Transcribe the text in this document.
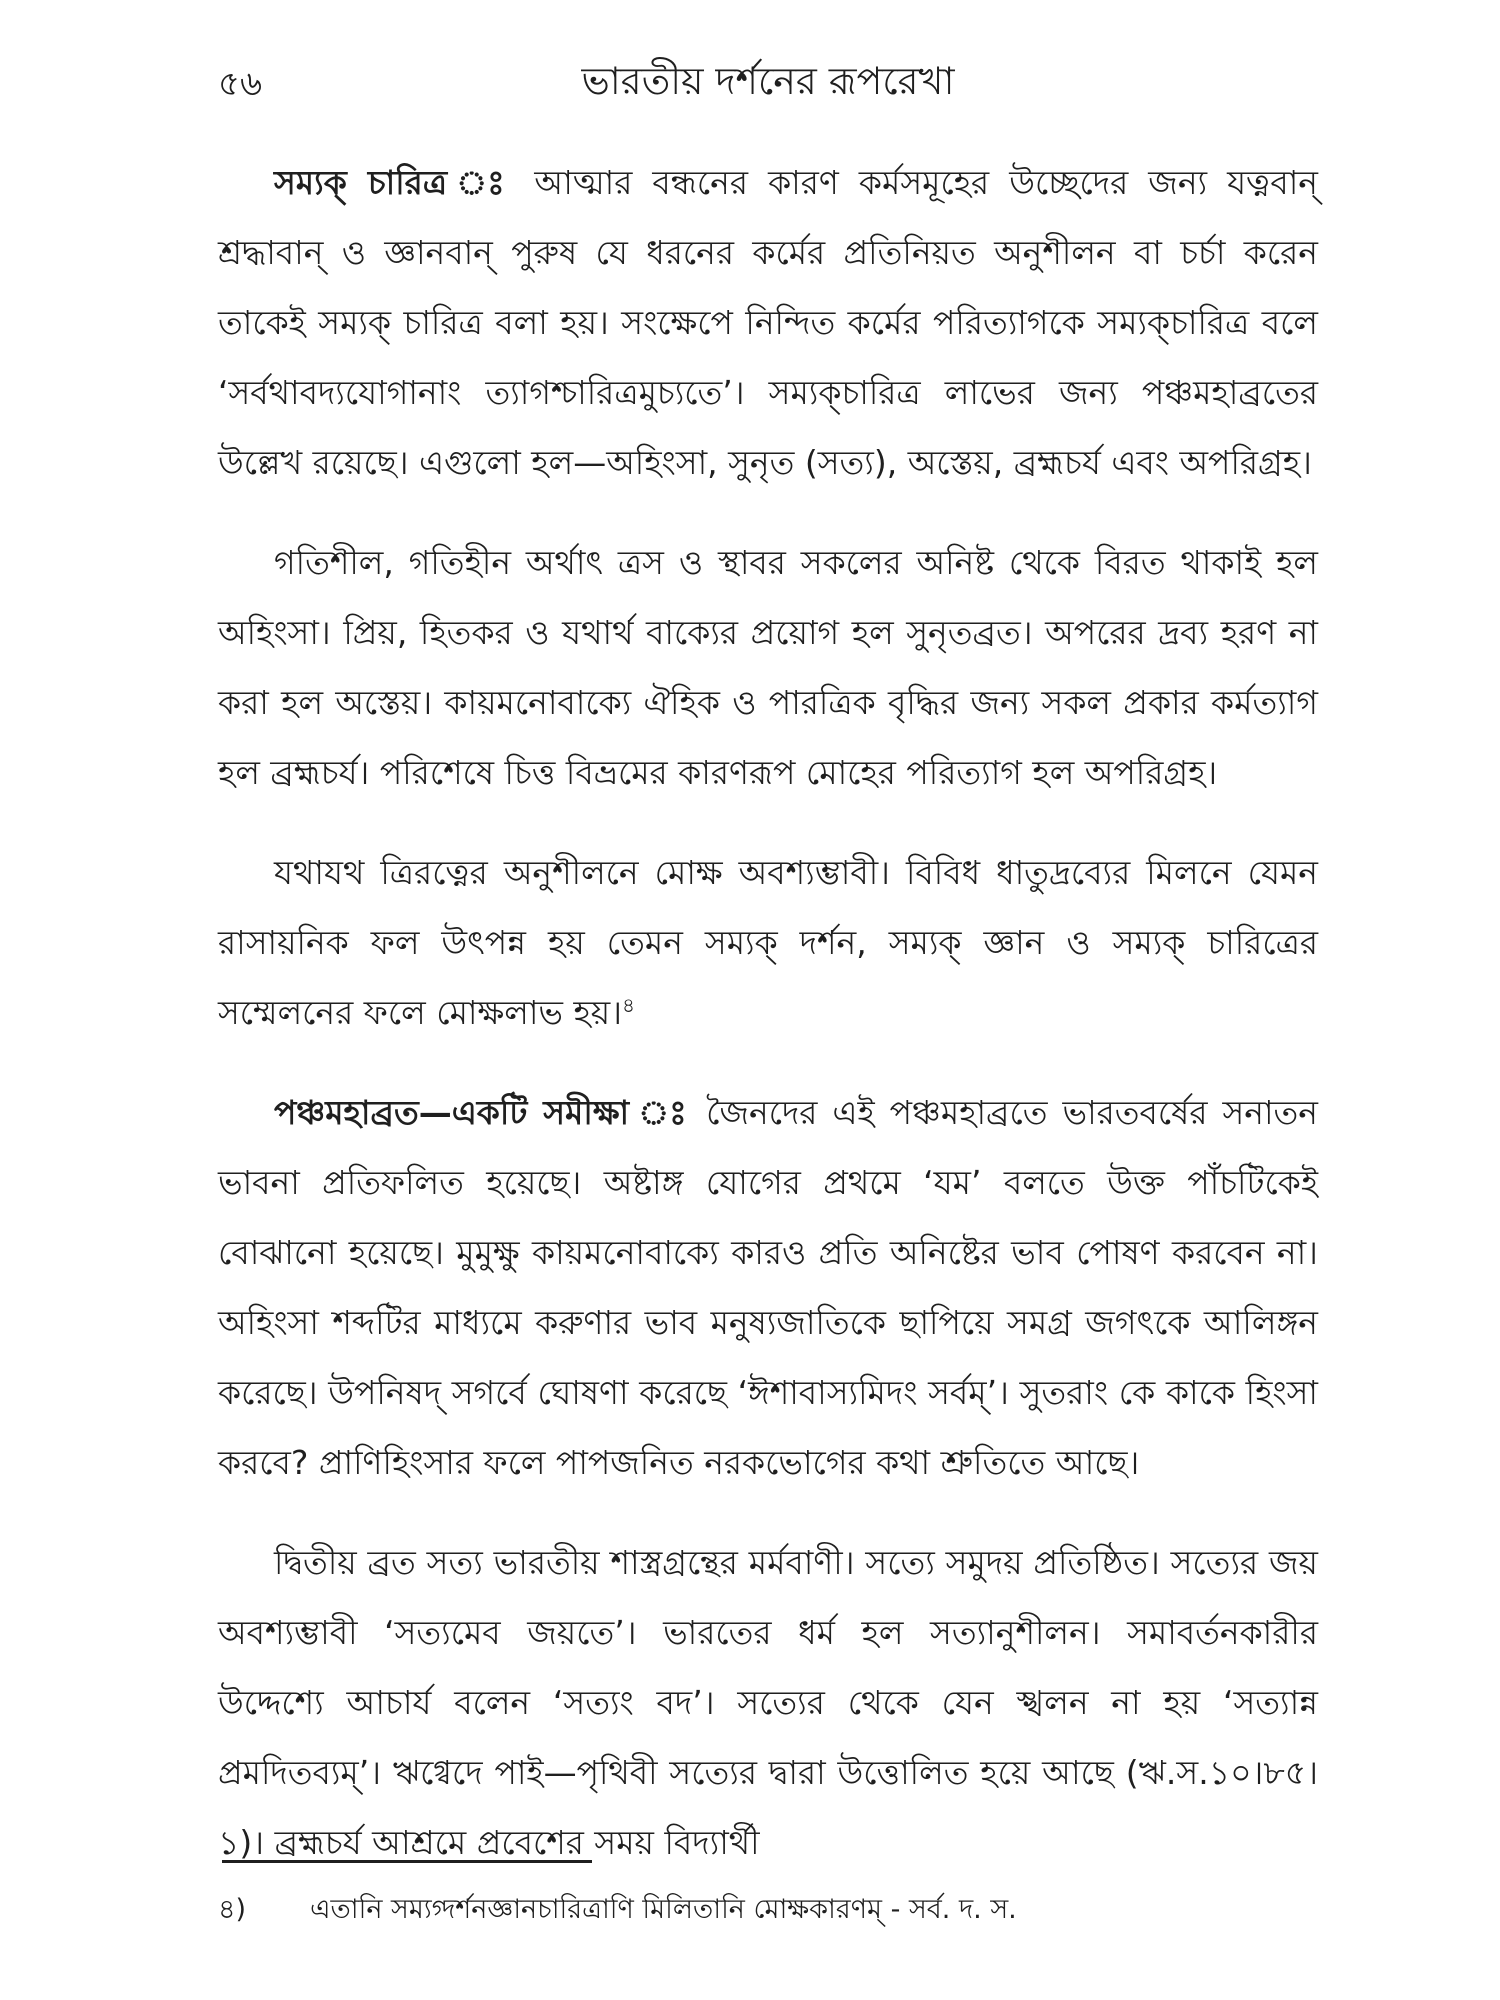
৫৬	ভারতীয় দর্শনের রূপরেখা

সম্যক্ চারিত্র ঃ আত্মার বন্ধনের কারণ কর্মসমূহের উচ্ছেদের জন্য যত্নবান্ শ্রদ্ধাবান্ ও জ্ঞানবান্ পুরুষ যে ধরনের কর্মের প্রতিনিয়ত অনুশীলন বা চর্চা করেন তাকেই সম্যক্ চারিত্র বলা হয়। সংক্ষেপে নিন্দিত কর্মের পরিত্যাগকে সম্যক্চারিত্র বলে ‘সর্বথাবদ্যযোগানাং ত্যাগশ্চারিত্রমুচ্যতে’। সম্যক্চারিত্র লাভের জন্য পঞ্চমহাব্রতের উল্লেখ রয়েছে। এগুলো হল—অহিংসা, সুনৃত (সত্য), অস্তেয়, ব্রহ্মচর্য এবং অপরিগ্রহ।

গতিশীল, গতিহীন অর্থাৎ ত্রস ও স্থাবর সকলের অনিষ্ট থেকে বিরত থাকাই হল অহিংসা। প্রিয়, হিতকর ও যথার্থ বাক্যের প্রয়োগ হল সুনৃতব্রত। অপরের দ্রব্য হরণ না করা হল অস্তেয়। কায়মনোবাক্যে ঐহিক ও পারত্রিক বৃদ্ধির জন্য সকল প্রকার কর্মত্যাগ হল ব্রহ্মচর্য। পরিশেষে চিত্ত বিভ্রমের কারণরূপ মোহের পরিত্যাগ হল অপরিগ্রহ।

যথাযথ ত্রিরত্নের অনুশীলনে মোক্ষ অবশ্যম্ভাবী। বিবিধ ধাতুদ্রব্যের মিলনে যেমন রাসায়নিক ফল উৎপন্ন হয় তেমন সম্যক্ দর্শন, সম্যক্ জ্ঞান ও সম্যক্ চারিত্রের সম্মেলনের ফলে মোক্ষলাভ হয়।$^৪$

পঞ্চমহাব্রত—একটি সমীক্ষা ঃ জৈনদের এই পঞ্চমহাব্রতে ভারতবর্ষের সনাতন ভাবনা প্রতিফলিত হয়েছে। অষ্টাঙ্গ যোগের প্রথমে ‘যম’ বলতে উক্ত পাঁচটিকেই বোঝানো হয়েছে। মুমুক্ষু কায়মনোবাক্যে কারও প্রতি অনিষ্টের ভাব পোষণ করবেন না। অহিংসা শব্দটির মাধ্যমে করুণার ভাব মনুষ্যজাতিকে ছাপিয়ে সমগ্র জগৎকে আলিঙ্গন করেছে। উপনিষদ্ সগর্বে ঘোষণা করেছে ‘ঈশাবাস্যমিদং সর্বম্’। সুতরাং কে কাকে হিংসা করবে? প্রাণিহিংসার ফলে পাপজনিত নরকভোগের কথা শ্রুতিতে আছে।

দ্বিতীয় ব্রত সত্য ভারতীয় শাস্ত্রগ্রন্থের মর্মবাণী। সত্যে সমুদয় প্রতিষ্ঠিত। সত্যের জয় অবশ্যম্ভাবী ‘সত্যমেব জয়তে’। ভারতের ধর্ম হল সত্যানুশীলন। সমাবর্তনকারীর উদ্দেশ্যে আচার্য বলেন ‘সত্যং বদ’। সত্যের থেকে যেন স্খলন না হয় ‘সত্যান্ন প্রমদিতব্যম্’। ঋগ্বেদে পাই—পৃথিবী সত্যের দ্বারা উত্তোলিত হয়ে আছে (ঋ.স.১০।৮৫।১)। ব্রহ্মচর্য আশ্রমে প্রবেশের সময় বিদ্যার্থী

৪) এতানি সম্যগ্দর্শনজ্ঞানচারিত্রাণি মিলিতানি মোক্ষকারণম্ - সর্ব. দ. স.
